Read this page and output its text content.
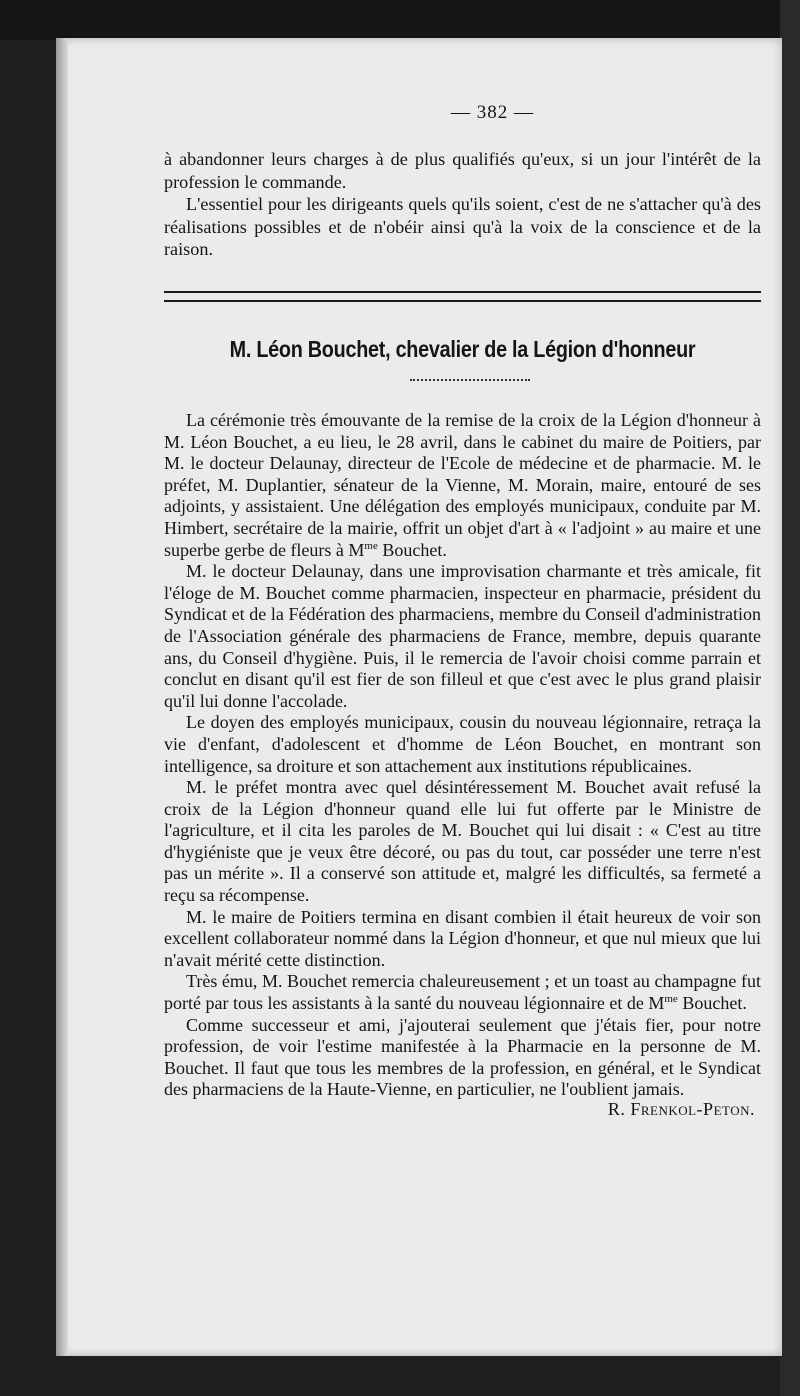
— 382 —

à abandonner leurs charges à de plus qualifiés qu'eux, si un jour l'intérêt de la profession le commande.

L'essentiel pour les dirigeants quels qu'ils soient, c'est de ne s'attacher qu'à des réalisations possibles et de n'obéir ainsi qu'à la voix de la conscience et de la raison.

M. Léon Bouchet, chevalier de la Légion d'honneur

La cérémonie très émouvante de la remise de la croix de la Légion d'honneur à M. Léon Bouchet, a eu lieu, le 28 avril, dans le cabinet du maire de Poitiers, par M. le docteur Delaunay, directeur de l'Ecole de médecine et de pharmacie. M. le préfet, M. Duplantier, sénateur de la Vienne, M. Morain, maire, entouré de ses adjoints, y assistaient. Une délégation des employés municipaux, conduite par M. Himbert, secrétaire de la mairie, offrit un objet d'art à « l'adjoint » au maire et une superbe gerbe de fleurs à $M^{me}$ Bouchet.

M. le docteur Delaunay, dans une improvisation charmante et très amicale, fit l'éloge de M. Bouchet comme pharmacien, inspecteur en pharmacie, président du Syndicat et de la Fédération des pharmaciens, membre du Conseil d'administration de l'Association générale des pharmaciens de France, membre, depuis quarante ans, du Conseil d'hygiène. Puis, il le remercia de l'avoir choisi comme parrain et conclut en disant qu'il est fier de son filleul et que c'est avec le plus grand plaisir qu'il lui donne l'accolade.

Le doyen des employés municipaux, cousin du nouveau légionnaire, retraça la vie d'enfant, d'adolescent et d'homme de Léon Bouchet, en montrant son intelligence, sa droiture et son attachement aux institutions républicaines.

M. le préfet montra avec quel désintéressement M. Bouchet avait refusé la croix de la Légion d'honneur quand elle lui fut offerte par le Ministre de l'agriculture, et il cita les paroles de M. Bouchet qui lui disait : « C'est au titre d'hygiéniste que je veux être décoré, ou pas du tout, car posséder une terre n'est pas un mérite ». Il a conservé son attitude et, malgré les difficultés, sa fermeté a reçu sa récompense.

M. le maire de Poitiers termina en disant combien il était heureux de voir son excellent collaborateur nommé dans la Légion d'honneur, et que nul mieux que lui n'avait mérité cette distinction.

Très ému, M. Bouchet remercia chaleureusement ; et un toast au champagne fut porté par tous les assistants à la santé du nouveau légionnaire et de $M^{me}$ Bouchet.

Comme successeur et ami, j'ajouterai seulement que j'étais fier, pour notre profession, de voir l'estime manifestée à la Pharmacie en la personne de M. Bouchet. Il faut que tous les membres de la profession, en général, et le Syndicat des pharmaciens de la Haute-Vienne, en particulier, ne l'oublient jamais.

R. Frenkol-Peton.
